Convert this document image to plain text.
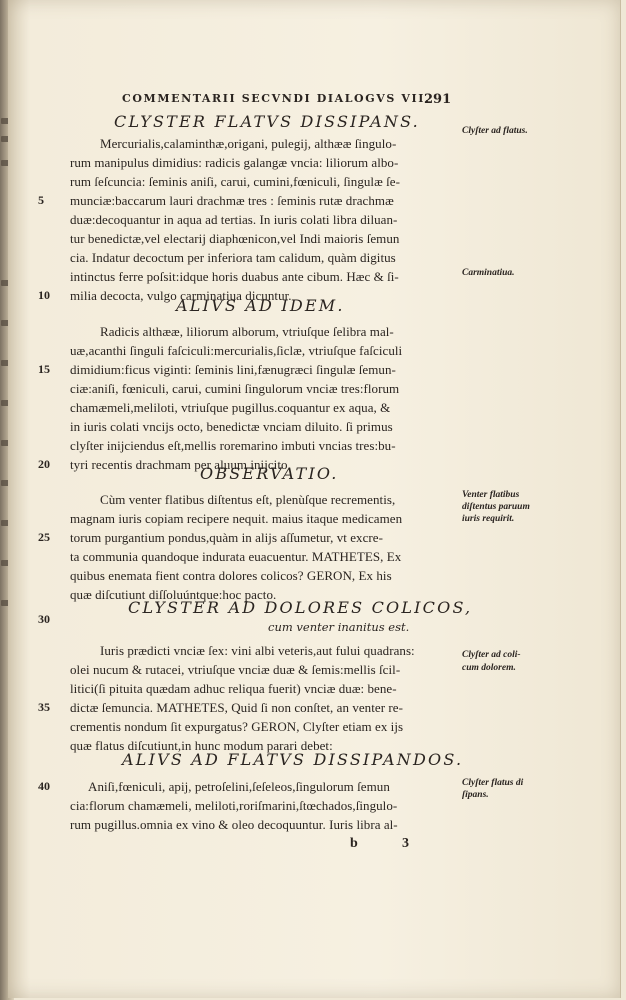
COMMENTARII SECVNDI DIALOGVS VII.
291
CLYSTER FLATVS DISSIPANS.
Mercurialis,calaminthæ,origani, pulegij, althææ ſingulo-
rum manipulus dimidius: radicis galangæ vncia: liliorum albo-
rum ſeſcuncia: ſeminis aniſi, carui, cumini,fœniculi, ſingulæ ſe-
5 munciæ:baccarum lauri drachmæ tres : ſeminis rutæ drachmæ
duæ:decoquantur in aqua ad tertias. In iuris colati libra diluan-
tur benedictæ,vel electarij diaphœnicon,vel Indi maioris ſemun
cia. Indatur decoctum per inferiora tam calidum, quàm digitus
intinctus ferre poſsit:idque horis duabus ante cibum. Hæc & ſi-
10 milia decocta, vulgo carminatiua dicuntur.
ALIVS AD IDEM.
Radicis althææ, liliorum alborum, vtriuſque ſelibra mal-
uæ,acanthi ſinguli faſciculi:mercurialis,ſiclæ, vtriuſque faſciculi
15 dimidium:ficus viginti: ſeminis lini,fænugræci ſingulæ ſemun-
ciæ:aniſi, fœniculi, carui, cumini ſingulorum vnciæ tres:florum
chamæmeli,meliloti, vtriuſque pugillus.coquantur ex aqua, &
in iuris colati vncijs octo, benedictæ vnciam diluito. ſi primus
clyſter inijciendus eſt,mellis roremarino imbuti vncias tres:bu-
20 tyri recentis drachmam per aluum inijcito.
OBSERVATIO.
Cùm venter flatibus diſtentus eſt, plenùſque recrementis,
magnam iuris copiam recipere nequit. maius itaque medicamen
25 torum purgantium pondus,quàm in alijs aſſumetur, vt excre-
ta communia quandoque indurata euacuentur. MATHETES, Ex
quibus enemata fient contra dolores colicos? GERON, Ex his
quæ diſcutiunt diſſoluúntque:hoc pacto.
CLYSTER AD DOLORES COLICOS,
30
cum venter inanitus est.
Iuris prædicti vnciæ ſex: vini albi veteris,aut fului quadrans:
olei nucum & rutacei, vtriuſque vnciæ duæ & ſemis:mellis ſcil-
litici(ſi pituita quædam adhuc reliqua fuerit) vnciæ duæ: bene-
35 dictæ ſemuncia. MATHETES, Quid ſi non conſtet, an venter re-
crementis nondum ſit expurgatus? GERON, Clyſter etiam ex ijs
quæ flatus diſcutiunt,in hunc modum parari debet:
ALIVS AD FLATVS DISSIPANDOS.
40	Aniſi,fœniculi, apij, petroſelini,ſeſeleos,ſingulorum ſemun
cia:florum chamæmeli, meliloti,roriſmarini,ſtœchados,ſingulo-
rum pugillus.omnia ex vino & oleo decoquuntur. Iuris libra al-
Clyſter ad flatus.
Carminatiua.
Venter flatibus
diſtentus paruum
iuris requirit.
Clyſter ad coli-
cum dolorem.
Clyſter flatus di
ſipans.
b	3
